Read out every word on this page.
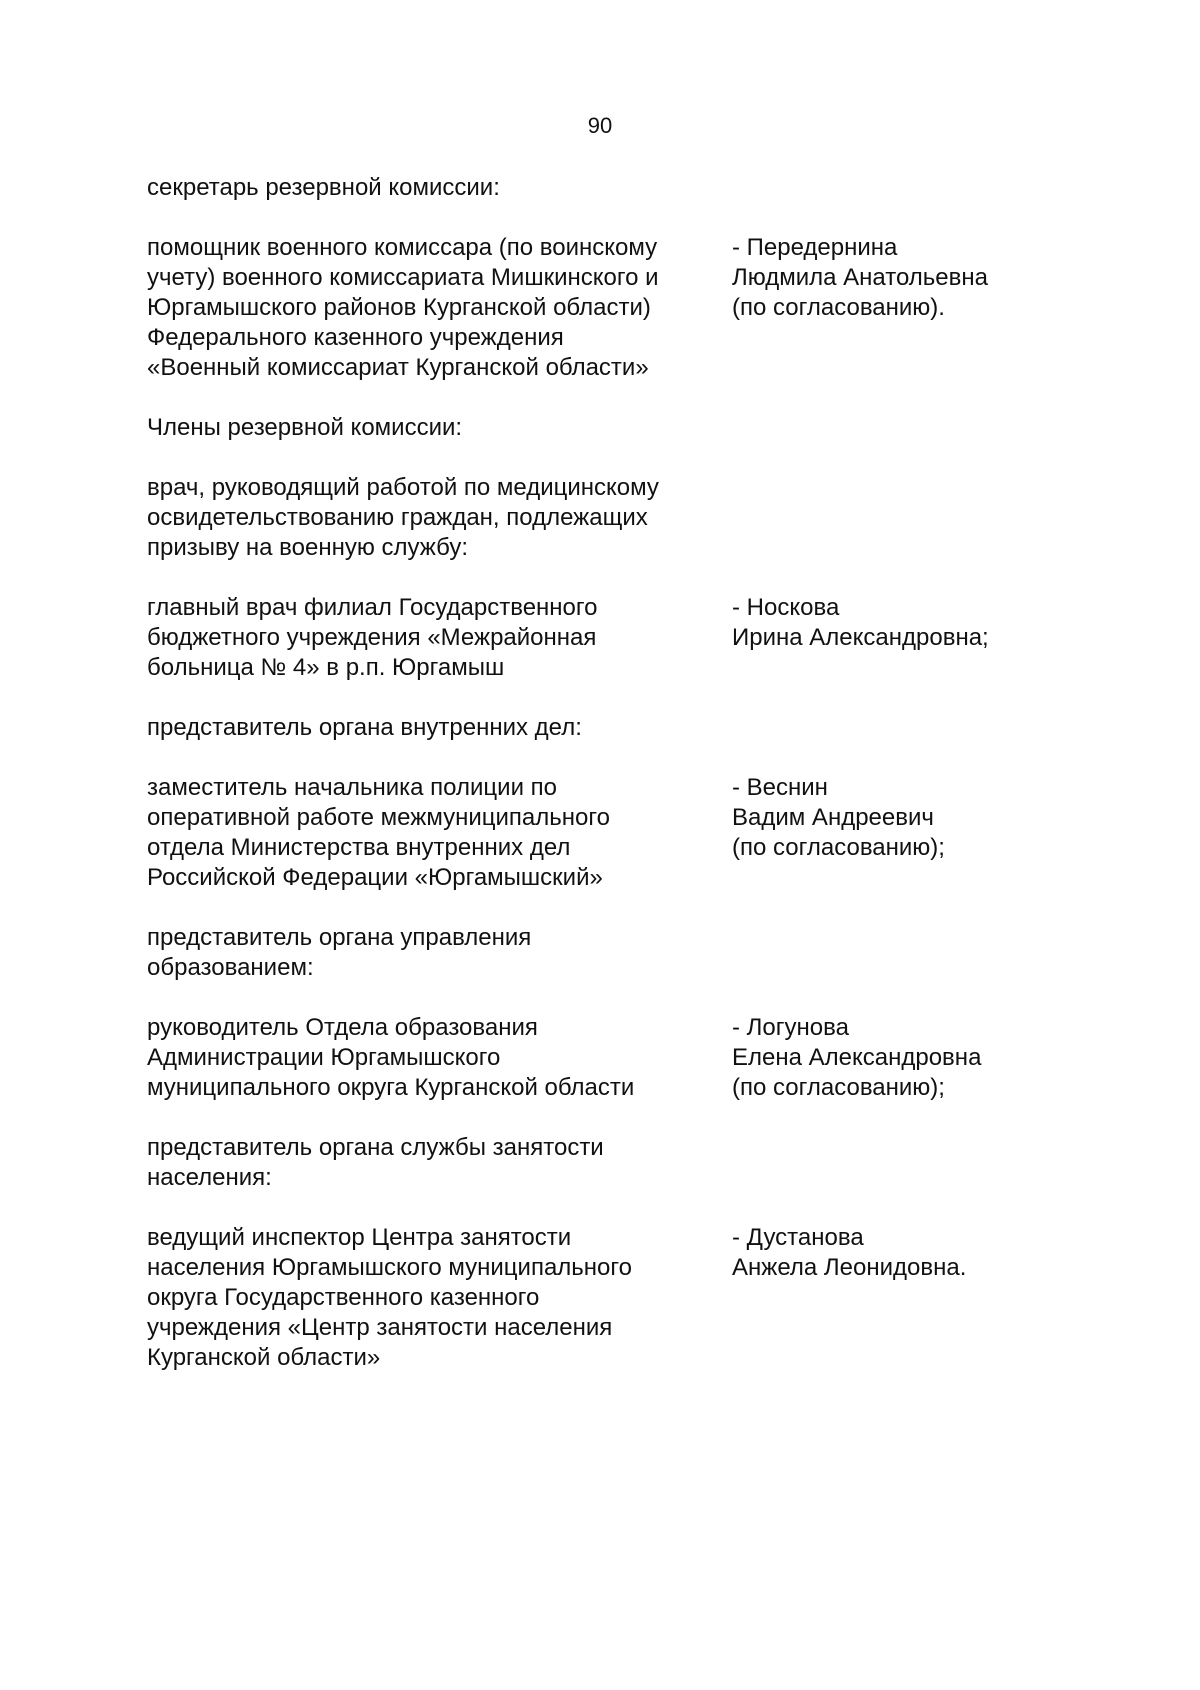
90

секретарь резервной комиссии:

помощник военного комиссара (по воинскому
учету) военного комиссариата Мишкинского и
Юргамышского районов Курганской области)
Федерального казенного учреждения
«Военный комиссариат Курганской области»
- Передернина
Людмила Анатольевна
(по согласованию).

Члены резервной комиссии:

врач, руководящий работой по медицинскому
освидетельствованию граждан, подлежащих
призыву на военную службу:

главный врач филиал Государственного
бюджетного учреждения «Межрайонная
больница № 4» в р.п. Юргамыш
- Носкова
Ирина Александровна;

представитель органа внутренних дел:

заместитель начальника полиции по
оперативной работе межмуниципального
отдела Министерства внутренних дел
Российской Федерации «Юргамышский»
- Веснин
Вадим Андреевич
(по согласованию);

представитель органа управления
образованием:

руководитель Отдела образования
Администрации Юргамышского
муниципального округа Курганской области
- Логунова
Елена Александровна
(по согласованию);

представитель органа службы занятости
населения:

ведущий инспектор Центра занятости
населения Юргамышского муниципального
округа Государственного казенного
учреждения «Центр занятости населения
Курганской области»
- Дустанова
Анжела Леонидовна.
